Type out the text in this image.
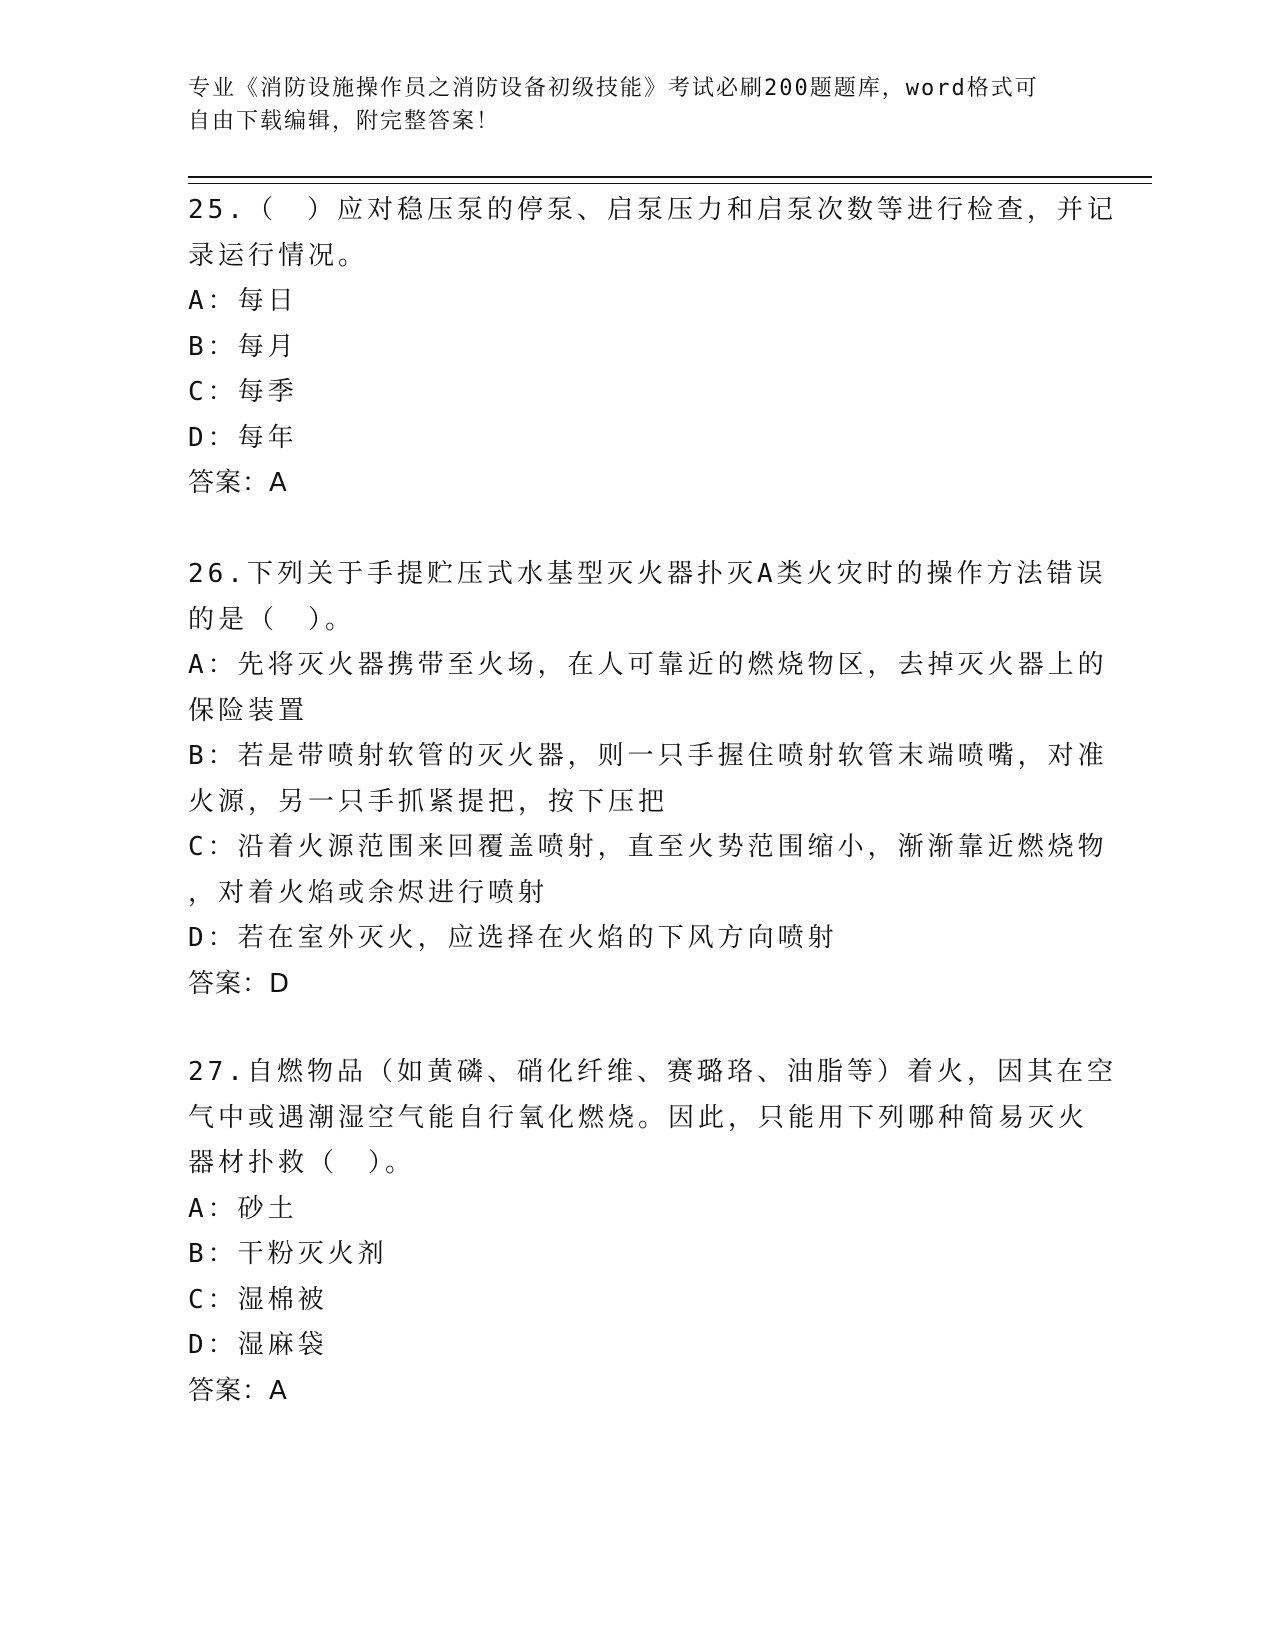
专业《消防设施操作员之消防设备初级技能》考试必刷200题题库，word格式可
自由下载编辑，附完整答案！
25.（　）应对稳压泵的停泵、启泵压力和启泵次数等进行检查，并记
录运行情况。
A：每日
B：每月
C：每季
D：每年
答案：A
26.下列关于手提贮压式水基型灭火器扑灭A类火灾时的操作方法错误
的是（　）。
A：先将灭火器携带至火场，在人可靠近的燃烧物区，去掉灭火器上的
保险装置
B：若是带喷射软管的灭火器，则一只手握住喷射软管末端喷嘴，对准
火源，另一只手抓紧提把，按下压把
C：沿着火源范围来回覆盖喷射，直至火势范围缩小，渐渐靠近燃烧物
，对着火焰或余烬进行喷射
D：若在室外灭火，应选择在火焰的下风方向喷射
答案：D
27.自燃物品（如黄磷、硝化纤维、赛璐珞、油脂等）着火，因其在空
气中或遇潮湿空气能自行氧化燃烧。因此，只能用下列哪种简易灭火
器材扑救（　）。
A：砂土
B：干粉灭火剂
C：湿棉被
D：湿麻袋
答案：A
